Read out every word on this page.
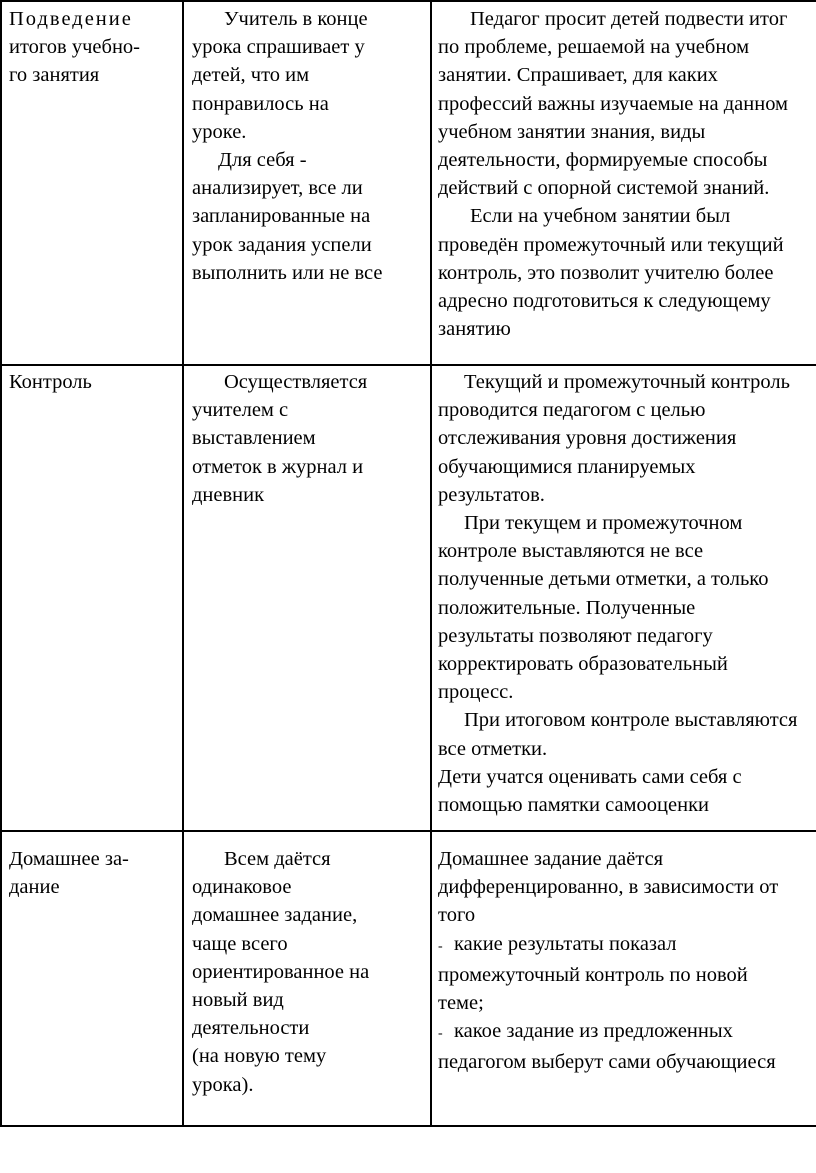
Подведение

итогов учебно-

го занятия

Учитель в конце

урока спрашивает у

детей, что им

понравилось на

уроке.

Для себя -

анализирует, все ли

запланированные на

урок задания успели

выполнить или не все

Педагог просит детей подвести итог

по проблеме, решаемой на учебном

занятии. Спрашивает, для каких

профессий важны изучаемые на данном

учебном занятии знания, виды

деятельности, формируемые способы

действий с опорной системой знаний.

Если на учебном занятии был

проведён промежуточный или текущий

контроль, это позволит учителю более

адресно подготовиться к следующему

занятию

Контроль	Осуществляется

учителем с

выставлением

отметок в журнал и

дневник

Текущий и промежуточный контроль

проводится педагогом с целью

отслеживания уровня достижения

обучающимися планируемых

результатов.

При текущем и промежуточном

контроле выставляются не все

полученные детьми отметки, а только

положительные. Полученные

результаты позволяют педагогу

корректировать образовательный

процесс.

При итоговом контроле выставляются

все отметки.

Дети учатся оценивать сами себя с

помощью памятки самооценки

Домашнее за-

дание

Всем даётся

одинаковое

домашнее задание,

чаще всего

ориентированное на

новый вид

деятельности

(на новую тему

урока).

Домашнее задание даётся

дифференцированно, в зависимости от

того

- какие результаты показал

промежуточный контроль по новой

теме;

- какое задание из предложенных

педагогом выберут сами обучающиеся
